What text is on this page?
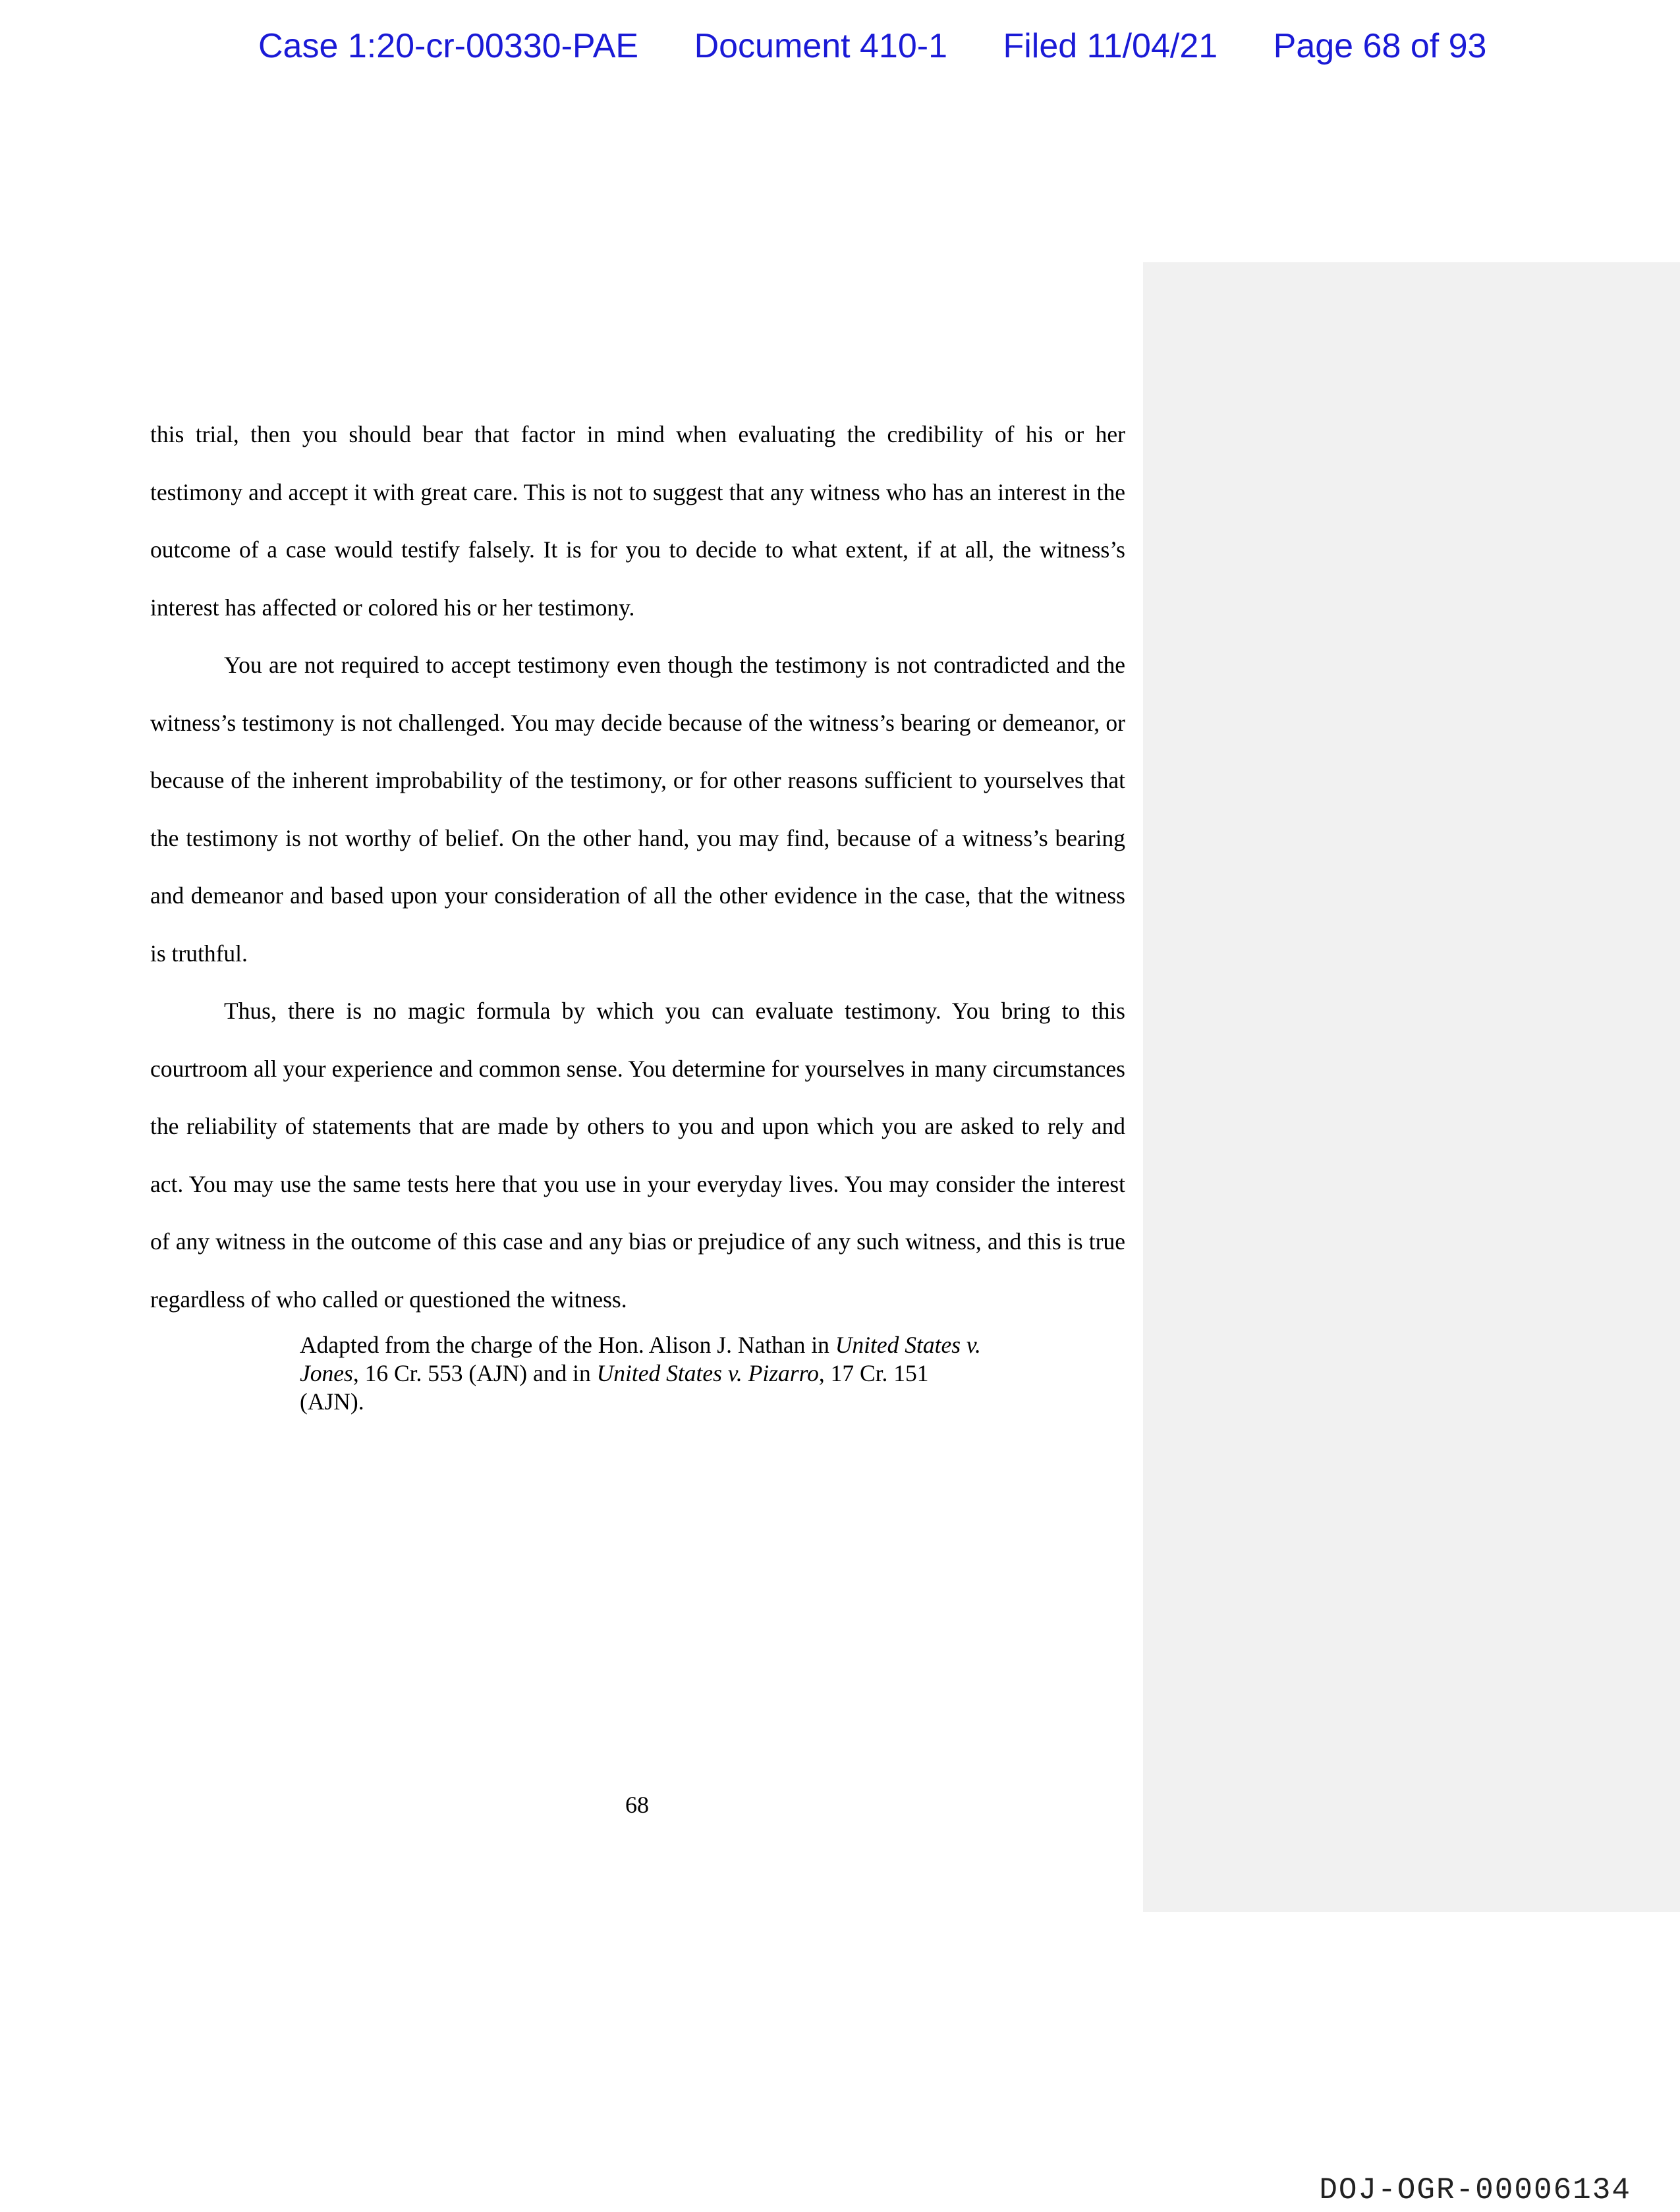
Case 1:20-cr-00330-PAE Document 410-1 Filed 11/04/21 Page 68 of 93

this trial, then you should bear that factor in mind when evaluating the credibility of his or her testimony and accept it with great care. This is not to suggest that any witness who has an interest in the outcome of a case would testify falsely. It is for you to decide to what extent, if at all, the witness’s interest has affected or colored his or her testimony.

You are not required to accept testimony even though the testimony is not contradicted and the witness’s testimony is not challenged. You may decide because of the witness’s bearing or demeanor, or because of the inherent improbability of the testimony, or for other reasons sufficient to yourselves that the testimony is not worthy of belief. On the other hand, you may find, because of a witness’s bearing and demeanor and based upon your consideration of all the other evidence in the case, that the witness is truthful.

Thus, there is no magic formula by which you can evaluate testimony. You bring to this courtroom all your experience and common sense. You determine for yourselves in many circumstances the reliability of statements that are made by others to you and upon which you are asked to rely and act. You may use the same tests here that you use in your everyday lives. You may consider the interest of any witness in the outcome of this case and any bias or prejudice of any such witness, and this is true regardless of who called or questioned the witness.

Adapted from the charge of the Hon. Alison J. Nathan in United States v. Jones, 16 Cr. 553 (AJN) and in United States v. Pizarro, 17 Cr. 151 (AJN).
68
DOJ-OGR-00006134
